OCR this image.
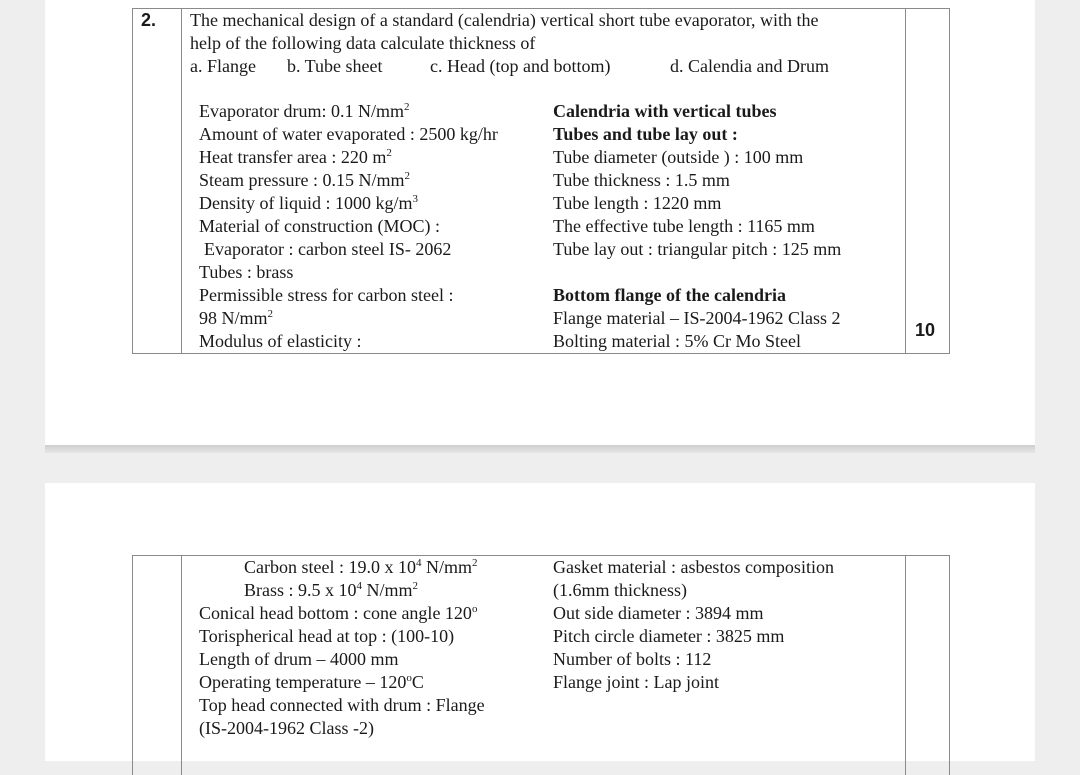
2.
10
The mechanical design of a standard (calendria) vertical short tube evaporator, with the
help of the following data calculate thickness of
a. Flange b. Tube sheet	c. Head (top and bottom)	d. Calendia and Drum
Evaporator drum: 0.1 $N/mm^2$
Amount of water evaporated : 2500 kg/hr
Heat transfer area : 220 $m^2$
Steam pressure : 0.15 $N/mm^2$
Density of liquid : 1000 $kg/m^3$
Material of construction (MOC) :
Evaporator : carbon steel IS- 2062
Tubes : brass
Permissible stress for carbon steel :
98 $N/mm^2$
Modulus of elasticity :
Calendria with vertical tubes
Tubes and tube lay out :
Tube diameter (outside ) : 100 mm
Tube thickness : 1.5 mm
Tube length : 1220 mm
The effective tube length : 1165 mm
Tube lay out : triangular pitch : 125 mm
Bottom flange of the calendria
Flange material – IS-2004-1962 Class 2
Bolting material : 5% Cr Mo Steel
Carbon steel : 19.0 x $10^4$ $N/mm^2$
Brass : 9.5 x $10^4$ $N/mm^2$
Conical head bottom : cone angle 120$^o$
Torispherical head at top : (100-10)
Length of drum – 4000 mm
Operating temperature – 120$^o$C
Top head connected with drum : Flange
(IS-2004-1962 Class -2)
Gasket material : asbestos composition
(1.6mm thickness)
Out side diameter : 3894 mm
Pitch circle diameter : 3825 mm
Number of bolts : 112
Flange joint : Lap joint
